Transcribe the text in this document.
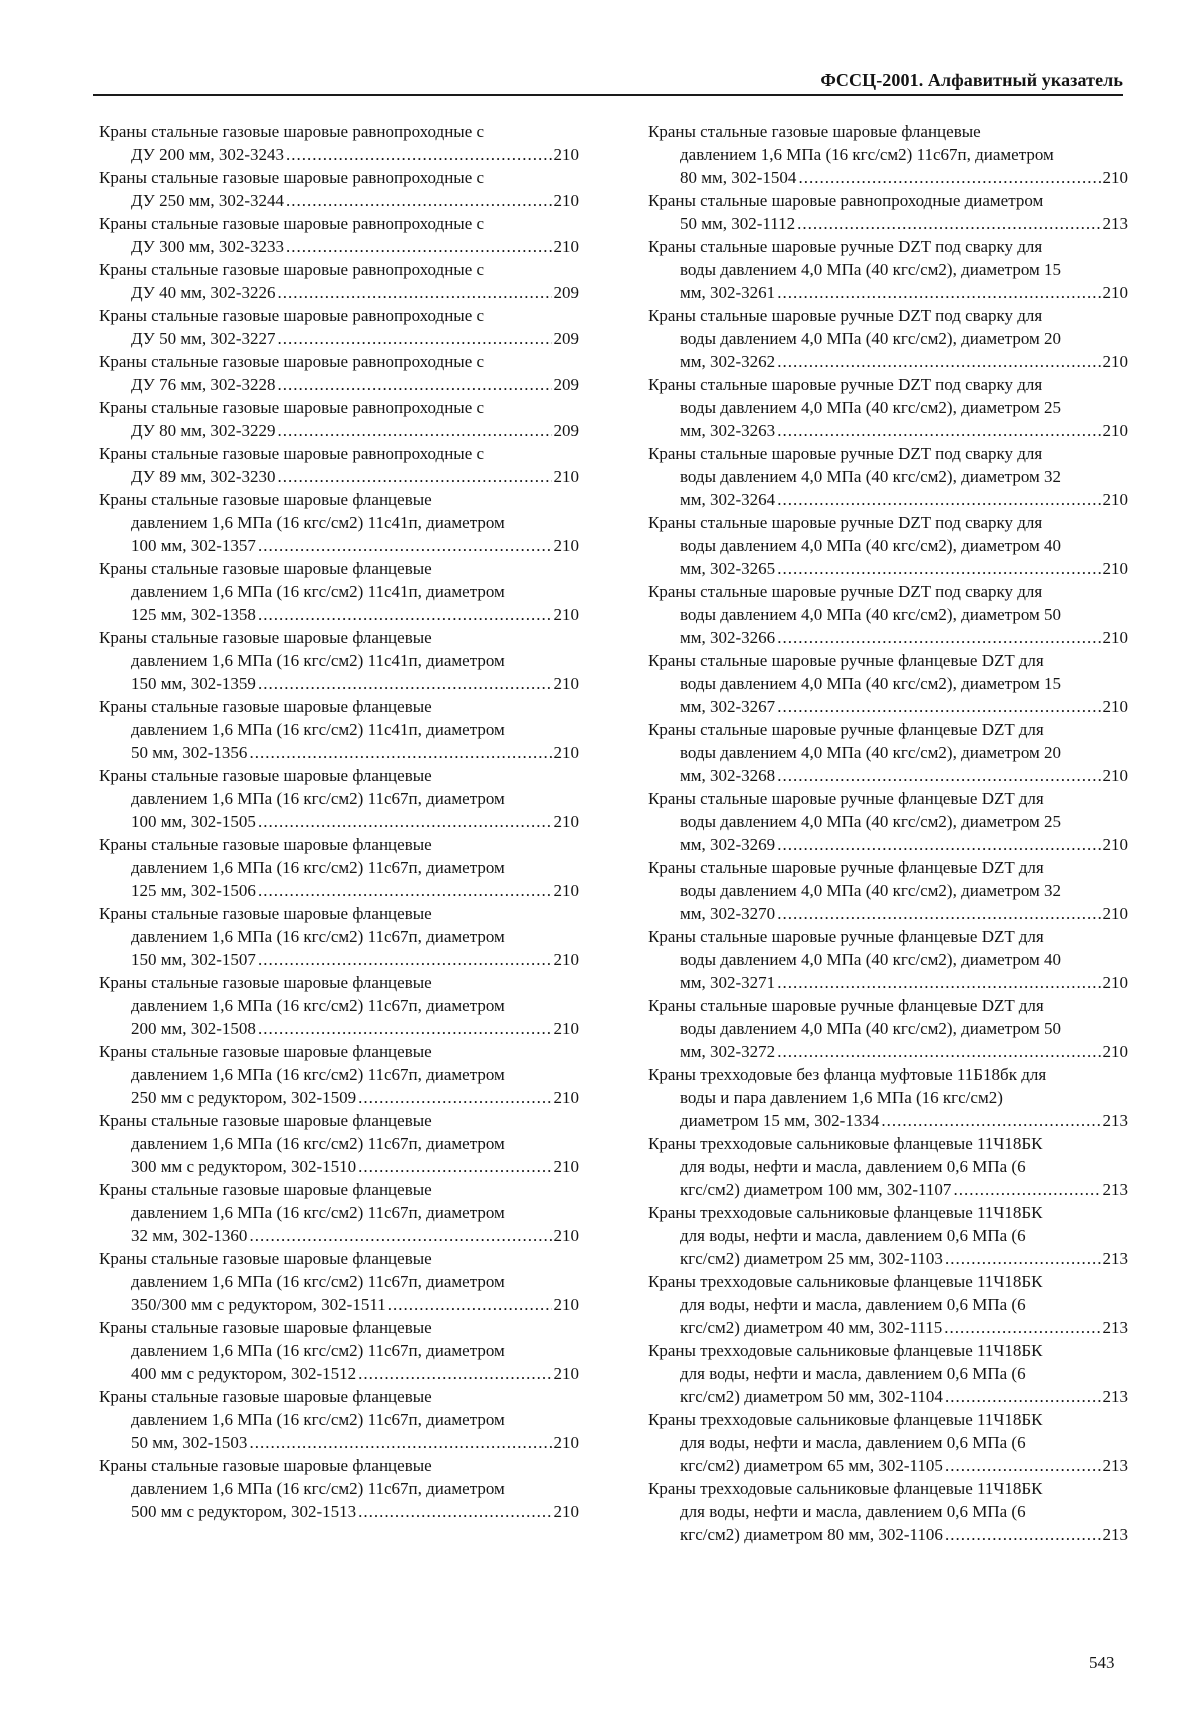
ФССЦ-2001. Алфавитный указатель
Краны стальные газовые шаровые равнопроходные с
ДУ 200 мм, 302-3243 .....	210
Краны стальные газовые шаровые равнопроходные с
ДУ 250 мм, 302-3244 .....	210
Краны стальные газовые шаровые равнопроходные с
ДУ 300 мм, 302-3233 .....	210
Краны стальные газовые шаровые равнопроходные с
ДУ 40 мм, 302-3226 .....	209
Краны стальные газовые шаровые равнопроходные с
ДУ 50 мм, 302-3227 .....	209
Краны стальные газовые шаровые равнопроходные с
ДУ 76 мм, 302-3228 .....	209
Краны стальные газовые шаровые равнопроходные с
ДУ 80 мм, 302-3229 .....	209
Краны стальные газовые шаровые равнопроходные с
ДУ 89 мм, 302-3230 .....	210
Краны стальные газовые шаровые фланцевые
давлением 1,6 МПа (16 кгс/см2) 11с41п, диаметром
100 мм, 302-1357 .....	210
Краны стальные газовые шаровые фланцевые
давлением 1,6 МПа (16 кгс/см2) 11с41п, диаметром
125 мм, 302-1358 .....	210
Краны стальные газовые шаровые фланцевые
давлением 1,6 МПа (16 кгс/см2) 11с41п, диаметром
150 мм, 302-1359 .....	210
Краны стальные газовые шаровые фланцевые
давлением 1,6 МПа (16 кгс/см2) 11с41п, диаметром
50 мм, 302-1356 .....	210
Краны стальные газовые шаровые фланцевые
давлением 1,6 МПа (16 кгс/см2) 11с67п, диаметром
100 мм, 302-1505 .....	210
Краны стальные газовые шаровые фланцевые
давлением 1,6 МПа (16 кгс/см2) 11с67п, диаметром
125 мм, 302-1506 .....	210
Краны стальные газовые шаровые фланцевые
давлением 1,6 МПа (16 кгс/см2) 11с67п, диаметром
150 мм, 302-1507 .....	210
Краны стальные газовые шаровые фланцевые
давлением 1,6 МПа (16 кгс/см2) 11с67п, диаметром
200 мм, 302-1508 .....	210
Краны стальные газовые шаровые фланцевые
давлением 1,6 МПа (16 кгс/см2) 11с67п, диаметром
250 мм с редуктором, 302-1509 .....	210
Краны стальные газовые шаровые фланцевые
давлением 1,6 МПа (16 кгс/см2) 11с67п, диаметром
300 мм с редуктором, 302-1510 .....	210
Краны стальные газовые шаровые фланцевые
давлением 1,6 МПа (16 кгс/см2) 11с67п, диаметром
32 мм, 302-1360 .....	210
Краны стальные газовые шаровые фланцевые
давлением 1,6 МПа (16 кгс/см2) 11с67п, диаметром
350/300 мм с редуктором, 302-1511 .....	210
Краны стальные газовые шаровые фланцевые
давлением 1,6 МПа (16 кгс/см2) 11с67п, диаметром
400 мм с редуктором, 302-1512 .....	210
Краны стальные газовые шаровые фланцевые
давлением 1,6 МПа (16 кгс/см2) 11с67п, диаметром
50 мм, 302-1503 .....	210
Краны стальные газовые шаровые фланцевые
давлением 1,6 МПа (16 кгс/см2) 11с67п, диаметром
500 мм с редуктором, 302-1513 .....	210
Краны стальные газовые шаровые фланцевые
давлением 1,6 МПа (16 кгс/см2) 11с67п, диаметром
80 мм, 302-1504 .....	210
Краны стальные шаровые равнопроходные диаметром
50 мм, 302-1112 .....	213
Краны стальные шаровые ручные DZT под сварку для
воды давлением 4,0 МПа (40 кгс/см2), диаметром 15
мм, 302-3261 .....	210
Краны стальные шаровые ручные DZT под сварку для
воды давлением 4,0 МПа (40 кгс/см2), диаметром 20
мм, 302-3262 .....	210
Краны стальные шаровые ручные DZT под сварку для
воды давлением 4,0 МПа (40 кгс/см2), диаметром 25
мм, 302-3263 .....	210
Краны стальные шаровые ручные DZT под сварку для
воды давлением 4,0 МПа (40 кгс/см2), диаметром 32
мм, 302-3264 .....	210
Краны стальные шаровые ручные DZT под сварку для
воды давлением 4,0 МПа (40 кгс/см2), диаметром 40
мм, 302-3265 .....	210
Краны стальные шаровые ручные DZT под сварку для
воды давлением 4,0 МПа (40 кгс/см2), диаметром 50
мм, 302-3266 .....	210
Краны стальные шаровые ручные фланцевые DZT для
воды давлением 4,0 МПа (40 кгс/см2), диаметром 15
мм, 302-3267 .....	210
Краны стальные шаровые ручные фланцевые DZT для
воды давлением 4,0 МПа (40 кгс/см2), диаметром 20
мм, 302-3268 .....	210
Краны стальные шаровые ручные фланцевые DZT для
воды давлением 4,0 МПа (40 кгс/см2), диаметром 25
мм, 302-3269 .....	210
Краны стальные шаровые ручные фланцевые DZT для
воды давлением 4,0 МПа (40 кгс/см2), диаметром 32
мм, 302-3270 .....	210
Краны стальные шаровые ручные фланцевые DZT для
воды давлением 4,0 МПа (40 кгс/см2), диаметром 40
мм, 302-3271 .....	210
Краны стальные шаровые ручные фланцевые DZT для
воды давлением 4,0 МПа (40 кгс/см2), диаметром 50
мм, 302-3272 .....	210
Краны трехходовые без фланца муфтовые 11Б18бк для
воды и пара давлением 1,6 МПа (16 кгс/см2)
диаметром 15 мм, 302-1334 .....	213
Краны трехходовые сальниковые фланцевые 11Ч18БК
для воды, нефти и масла, давлением 0,6 МПа (6
кгс/см2) диаметром 100 мм, 302-1107 .....	213
Краны трехходовые сальниковые фланцевые 11Ч18БК
для воды, нефти и масла, давлением 0,6 МПа (6
кгс/см2) диаметром 25 мм, 302-1103 .....	213
Краны трехходовые сальниковые фланцевые 11Ч18БК
для воды, нефти и масла, давлением 0,6 МПа (6
кгс/см2) диаметром 40 мм, 302-1115 .....	213
Краны трехходовые сальниковые фланцевые 11Ч18БК
для воды, нефти и масла, давлением 0,6 МПа (6
кгс/см2) диаметром 50 мм, 302-1104 .....	213
Краны трехходовые сальниковые фланцевые 11Ч18БК
для воды, нефти и масла, давлением 0,6 МПа (6
кгс/см2) диаметром 65 мм, 302-1105 .....	213
Краны трехходовые сальниковые фланцевые 11Ч18БК
для воды, нефти и масла, давлением 0,6 МПа (6
кгс/см2) диаметром 80 мм, 302-1106 .....	213
543
